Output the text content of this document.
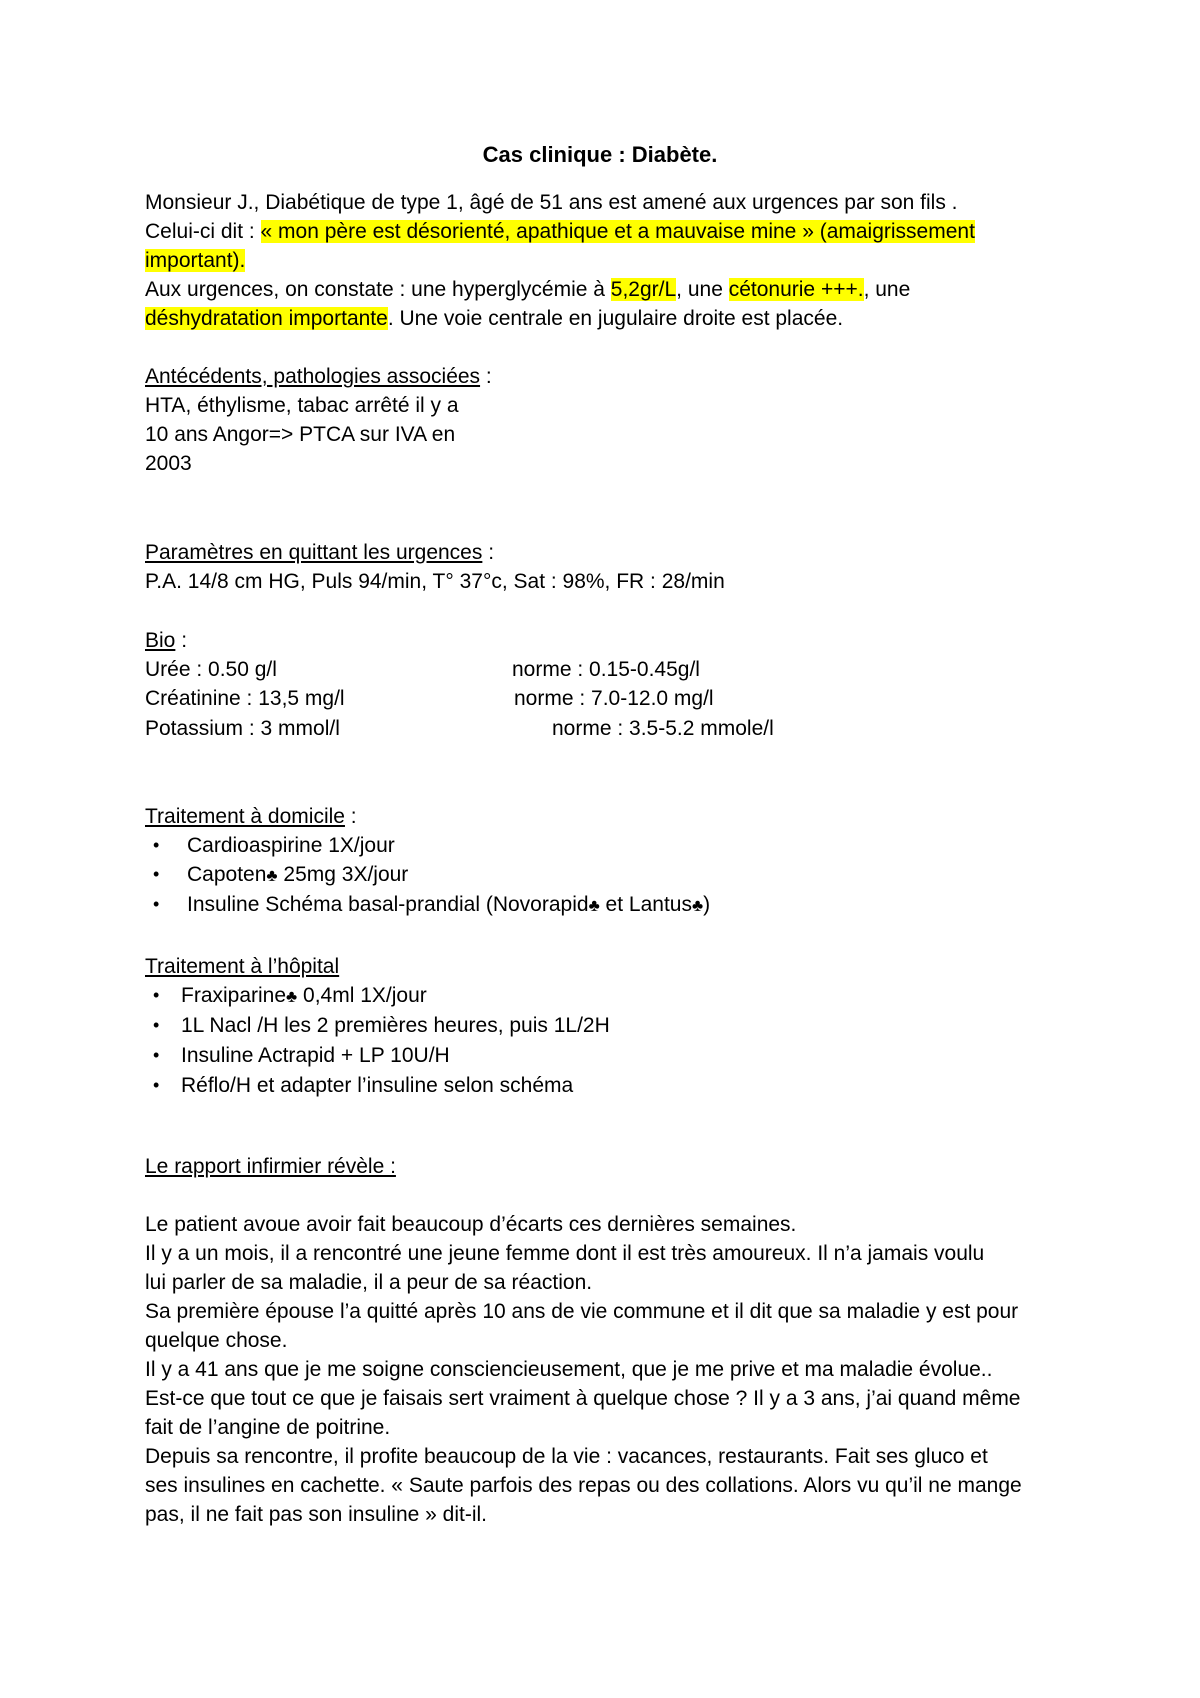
Cas clinique : Diabète.
Monsieur J., Diabétique de type 1, âgé de 51 ans est amené aux urgences par son fils .
Celui-ci dit : « mon père est désorienté, apathique et a mauvaise mine » (amaigrissement
important).
Aux urgences, on constate : une hyperglycémie à 5,2gr/L, une cétonurie +++., une
déshydratation importante. Une voie centrale en jugulaire droite est placée.
Antécédents, pathologies associées :
HTA, éthylisme, tabac arrêté il y a
10 ans Angor=> PTCA sur IVA en
2003
Paramètres en quittant les urgences :
P.A. 14/8 cm HG, Puls 94/min, T° 37°c, Sat : 98%, FR : 28/min
Bio :
Urée : 0.50 g/l	norme : 0.15-0.45g/l
Créatinine : 13,5 mg/l	norme : 7.0-12.0 mg/l
Potassium : 3 mmol/l	norme : 3.5-5.2 mmole/l
Traitement à domicile :
• Cardioaspirine 1X/jour
• Capoten♣ 25mg 3X/jour
• Insuline Schéma basal-prandial (Novorapid♣ et Lantus♣)
Traitement à l’hôpital
• Fraxiparine♣ 0,4ml 1X/jour
• 1L Nacl /H les 2 premières heures, puis 1L/2H
• Insuline Actrapid + LP 10U/H
• Réflo/H et adapter l’insuline selon schéma
Le rapport infirmier révèle :
Le patient avoue avoir fait beaucoup d’écarts ces dernières semaines.
Il y a un mois, il a rencontré une jeune femme dont il est très amoureux. Il n’a jamais voulu
lui parler de sa maladie, il a peur de sa réaction.
Sa première épouse l’a quitté après 10 ans de vie commune et il dit que sa maladie y est pour
quelque chose.
Il y a 41 ans que je me soigne consciencieusement, que je me prive et ma maladie évolue..
Est-ce que tout ce que je faisais sert vraiment à quelque chose ? Il y a 3 ans, j’ai quand même
fait de l’angine de poitrine.
Depuis sa rencontre, il profite beaucoup de la vie : vacances, restaurants. Fait ses gluco et
ses insulines en cachette. « Saute parfois des repas ou des collations. Alors vu qu’il ne mange
pas, il ne fait pas son insuline » dit-il.
